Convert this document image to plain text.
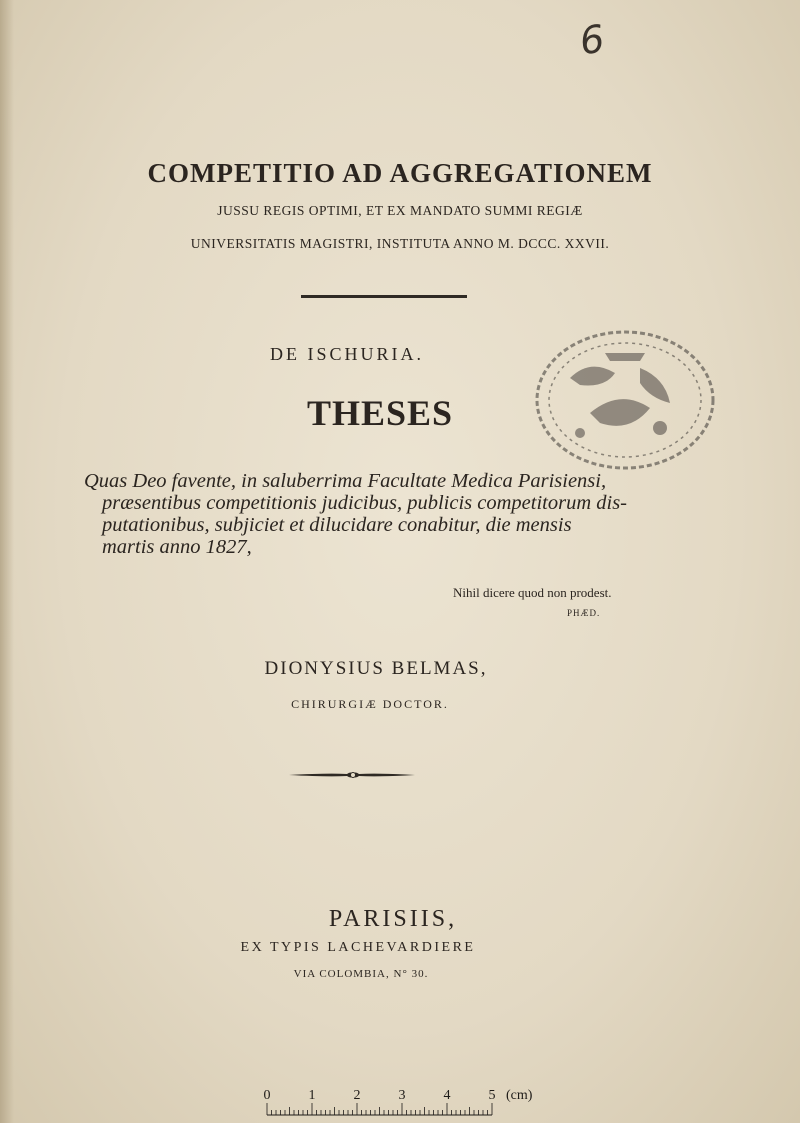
6
COMPETITIO AD AGGREGATIONEM
JUSSU REGIS OPTIMI, ET EX MANDATO SUMMI REGIÆ
UNIVERSITATIS MAGISTRI, INSTITUTA ANNO M. DCCC. XXVII.
DE ISCHURIA.
THESES
Quas Deo favente, in saluberrima Facultate Medica Parisiensi,
præsentibus competitionis judicibus, publicis competitorum dis-
putationibus, subjiciet et dilucidare conabitur, die mensis
martis anno 1827,
Nihil dicere quod non prodest.
PHÆD.
DIONYSIUS BELMAS,
CHIRURGIÆ DOCTOR.
PARISIIS,
EX TYPIS LACHEVARDIERE
VIA COLOMBIA, N° 30.
0	1	2	3	4	5 (cm)
